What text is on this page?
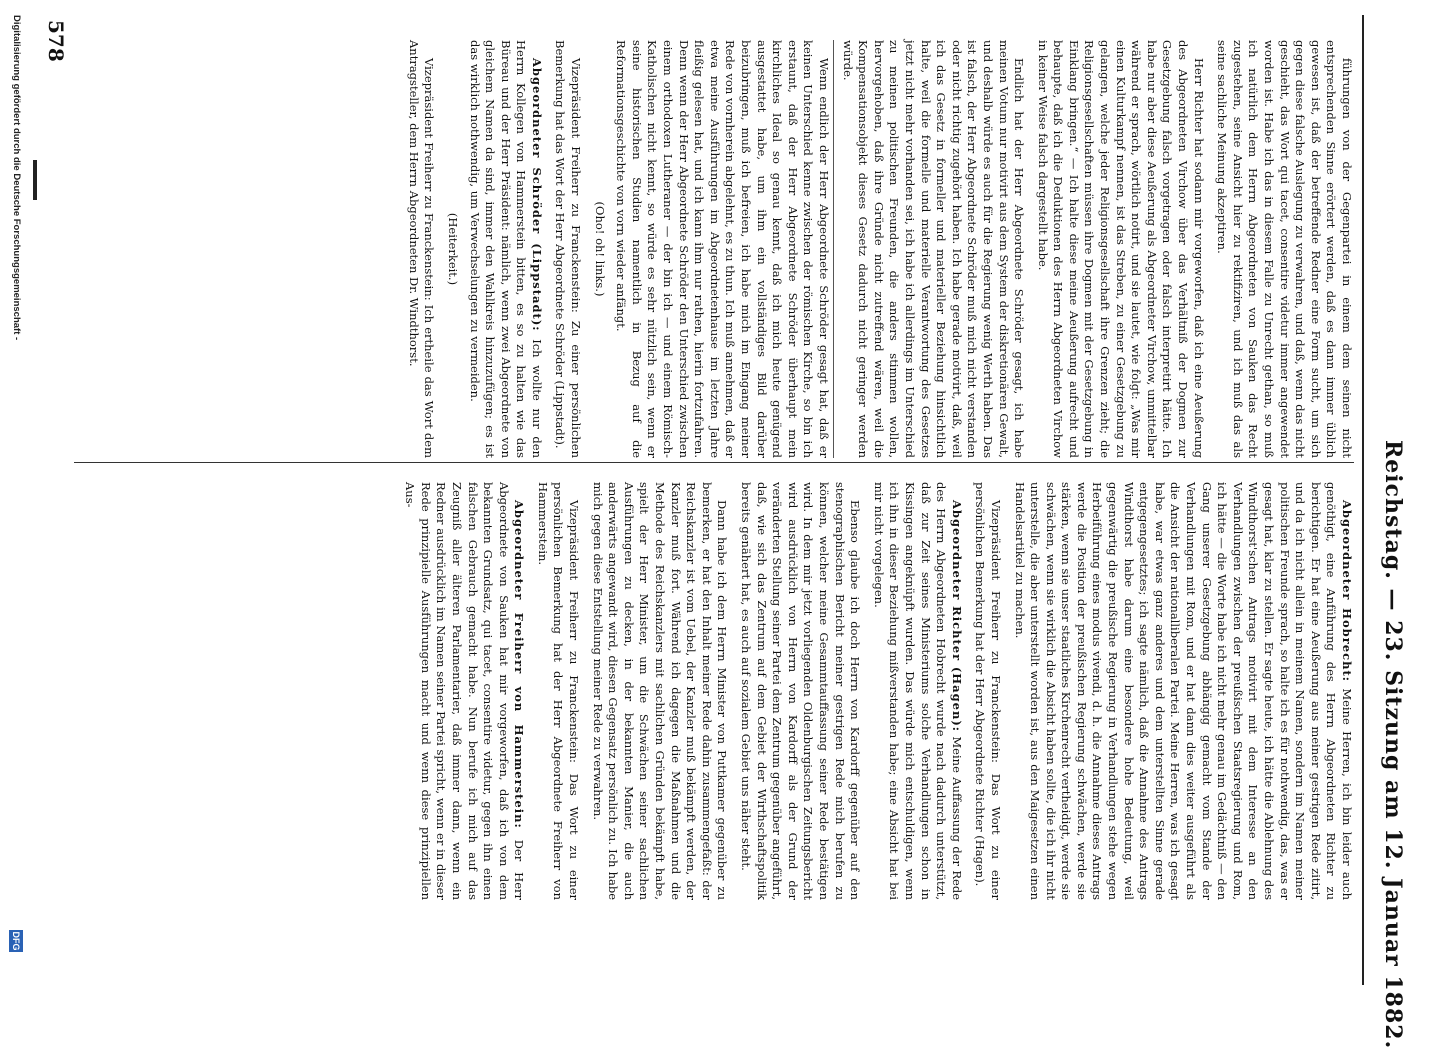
Reichstag. — 23. Sitzung am 12. Januar 1882.
578

Abgeordneter Hobrecht: Meine Herren, ich bin leider auch genöthigt, eine Anführung des Herrn Abgeordneten Richter zu berichtigen. Er hat eine Aeußerung aus meiner gestrigen Rede zitirt, und da ich nicht allein in meinem Namen, sondern im Namen meiner politischen Freunde sprach, so halte ich es für nothwendig, das, was er gesagt hat, klar zu stellen. Er sagte heute, ich hätte die Ablehnung des Windthorst'schen Antrags motivirt mit dem Interesse an den Verhandlungen zwischen der preußischen Staatsregierung und Rom, ich hätte — die Worte habe ich nicht mehr genau im Gedächtniß — den Gang unserer Gesetzgebung abhängig gemacht vom Stande der Verhandlungen mit Rom, und er hat dann dies weiter ausgeführt als die Ansicht der nationalliberalen Partei. Meine Herren, was ich gesagt habe, war etwas ganz anderes und dem unterstellten Sinne gerade entgegengesetztes; ich sagte nämlich, daß die Annahme des Antrags Windthorst habe darum eine besondere hohe Bedeutung, weil gegenwärtig die preußische Regierung in Verhandlungen stehe wegen Herbeiführung eines modus vivendi, d. h. die Annahme dieses Antrags werde die Position der preußischen Regierung schwächen, werde sie stärken, wenn sie unser staatliches Kirchenrecht vertheidigt, werde sie schwächen, wenn sie wirklich die Absicht haben sollte, die ich ihr nicht unterstelle, die aber unterstellt worden ist, aus den Maigesetzen einen Handelsartikel zu machen.

Vizepräsident Freiherr zu Franckenstein: Das Wort zu einer persönlichen Bemerkung hat der Herr Abgeordnete Richter (Hagen).

Abgeordneter Richter (Hagen): Meine Auffassung der Rede des Herrn Abgeordneten Hobrecht wurde nach dadurch unterstützt, daß zur Zeit seines Ministeriums solche Verhandlungen schon in Kissingen angeknüpft wurden. Das würde mich entschuldigen, wenn ich ihn in dieser Beziehung mißverstanden habe; eine Absicht hat bei mir nicht vorgelegen.

Ebenso glaube ich doch Herrn von Kardorff gegenüber auf den stenographischen Bericht meiner gestrigen Rede mich berufen zu können, welcher meine Gesammtauffassung seiner Rede bestätigen wird. In dem mir jetzt vorliegenden Oldenburgischen Zeitungsbericht wird ausdrücklich von Herrn von Kardorff als der Grund der veränderten Stellung seiner Partei dem Zentrum gegenüber angeführt, daß, wie sich das Zentrum auf dem Gebiet der Wirthschaftspolitik bereits genähert hat, es auch auf sozialem Gebiet uns näher steht.

Dann habe ich dem Herrn Minister von Puttkamer gegenüber zu bemerken, er hat den Inhalt meiner Rede dahin zusammengefaßt: der Reichskanzler ist vom Uebel, der Kanzler muß bekämpft werden, der Kanzler muß fort. Während ich dagegen die Maßnahmen und die Methode des Reichskanzlers mit sachlichen Gründen bekämpft habe, spielt der Herr Minister, um die Schwächen seiner sachlichen Ausführungen zu decken, in der bekannten Manier, die auch anderwärts angewandt wird, diesen Gegensatz persönlich zu. Ich habe mich gegen diese Entstellung meiner Rede zu verwahren.

Vizepräsident Freiherr zu Franckenstein: Das Wort zu einer persönlichen Bemerkung hat der Herr Abgeordnete Freiherr von Hammerstein.

Abgeordneter Freiherr von Hammerstein: Der Herr Abgeordnete von Sauken hat mir vorgeworfen, daß ich von dem bekannten Grundsatz, qui tacet, consentire videtur, gegen ihn einen falschen Gebrauch gemacht habe. Nun berufe ich mich auf das Zeugniß aller älteren Parlamentarier, daß immer dann, wenn ein Redner ausdrücklich im Namen seiner Partei spricht, wenn er in dieser Rede prinzipielle Ausführungen macht und wenn diese prinzipiellen Aus-

führungen von der Gegenpartei in einem dem seinen nicht entsprechenden Sinne erörtert werden, daß es dann immer üblich gewesen ist, daß der betreffende Redner eine Form sucht, um sich gegen diese falsche Auslegung zu verwahren, und daß, wenn das nicht geschieht, das Wort qui tacet, consentire videtur immer angewendet worden ist. Habe ich das in diesem Falle zu Unrecht gethan, so muß ich natürlich dem Herrn Abgeordneten von Sauken das Recht zugestehen, seine Ansicht hier zu rektifiziren, und ich muß das als seine sachliche Meinung akzeptiren.

Herr Richter hat sodann mir vorgeworfen, daß ich eine Aeußerung des Abgeordneten Virchow über das Verhältniß der Dogmen zur Gesetzgebung falsch vorgetragen oder falsch interpretirt hätte. Ich habe nur aber diese Aeußerung als Abgeordneter Virchow, unmittelbar während er sprach, wörtlich notirt, und sie lautet, wie folgt: „Was mir einen Kulturkampf nennen, ist das Streben, zu einer Gesetzgebung zu gelangen, welche jeder Religionsgesellschaft ihre Grenzen zieht; die Religionsgesellschaften müssen ihre Dogmen mit der Gesetzgebung in Einklang bringen.“ — Ich halte diese meine Aeußerung aufrecht und behaupte, daß ich die Deduktionen des Herrn Abgeordneten Virchow in keiner Weise falsch dargestellt habe.

Endlich hat der Herr Abgeordnete Schröder gesagt, ich habe meinen Votum nur motivirt aus dem System der diskretionären Gewalt, und deshalb würde es auch für die Regierung wenig Werth haben. Das ist falsch, der Herr Abgeordnete Schröder muß mich nicht verstanden oder nicht richtig zugehört haben. Ich habe gerade motivirt, daß, weil ich das Gesetz in formeller und materieller Beziehung hinsichtlich halte, weil die formelle und materielle Verantwortung des Gesetzes jetzt nicht mehr vorhanden sei, ich habe ich allerdings im Unterschied zu meinen politischen Freunden, die anders stimmen wollen, hervorgehoben, daß ihre Gründe nicht zutreffend wären, weil die Kompensationsobjekt dieses Gesetz dadurch nicht geringer werden würde.

Wenn endlich der Herr Abgeordnete Schröder gesagt hat, daß er keinen Unterschied kenne zwischen der römischen Kirche, so bin ich erstaunt, daß der Herr Abgeordnete Schröder überhaupt mein kirchliches Ideal so genau kennt, daß ich mich heute genügend ausgestattet habe, um ihm ein vollständiges Bild darüber beizubringen, muß ich befreien, ich habe mich im Eingang meiner Rede von vornherein abgelehnt, es zu thun. Ich muß annehmen, daß er etwa meine Ausführungen im Abgeordnetenhause im letzten Jahre fleißig gelesen hat, und ich kann ihm nur rathen, hierin fortzufahren. Denn wenn der Herr Abgeordnete Schröder den Unterschied zwischen einem orthodoxen Lutheraner — der bin ich — und einem Römisch-Katholischen nicht kennt, so würde es sehr nützlich sein, wenn er seine historischen Studien namentlich in Bezug auf die Reformationsgeschichte von vorn wieder anfängt.

(Oho! oh! links.)

Vizepräsident Freiherr zu Franckenstein: Zu einer persönlichen Bemerkung hat das Wort der Herr Abgeordnete Schröder (Lippstadt).

Abgeordneter Schröder (Lippstadt): Ich wollte nur den Herrn Kollegen von Hammerstein bitten, es so zu halten wie das Büreau und der Herr Präsident: nämlich, wenn zwei Abgeordnete von gleichem Namen da sind, immer den Wahlkreis hinzuzufügen; es ist das wirklich nothwendig, um Verwechselungen zu vermeiden.

(Heiterkeit.)

Vizepräsident Freiherr zu Franckenstein: Ich ertheile das Wort dem Antragsteller, dem Herrn Abgeordneten Dr. Windthorst.

Digitalisierung gefördert durch die Deutsche Forschungsgemeinschaft -
DFG
